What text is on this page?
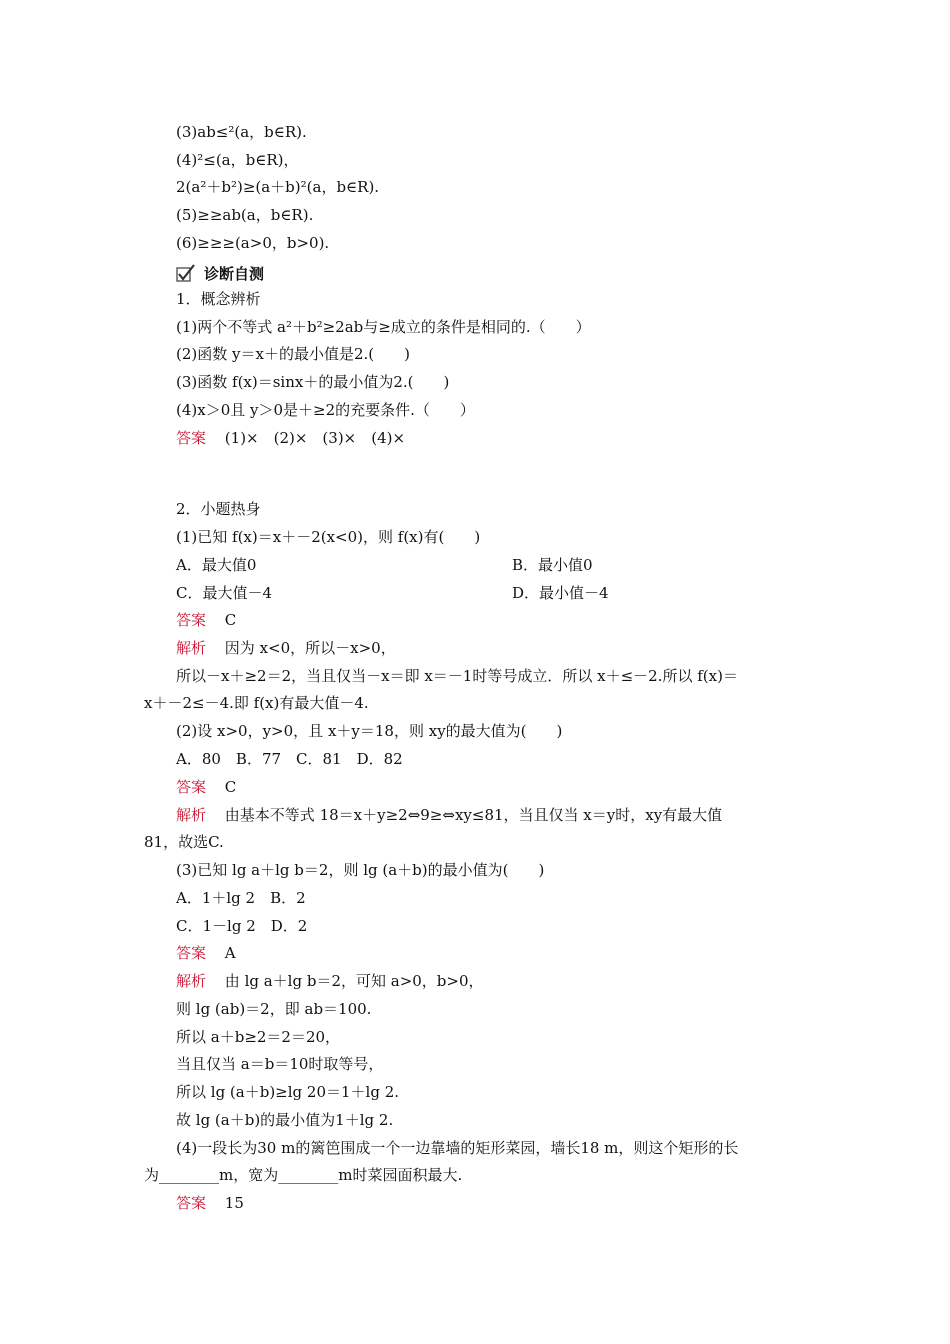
(3)ab≤²(a，b∈R).
(4)²≤(a，b∈R)，
2(a²＋b²)≥(a＋b)²(a，b∈R).
(5)≥≥ab(a，b∈R).
(6)≥≥≥(a>0，b>0).
诊断自测
1．概念辨析
(1)两个不等式 a²＋b²≥2ab与≥成立的条件是相同的.（　　）
(2)函数 y＝x＋的最小值是2.(　　)
(3)函数 f(x)＝sinx＋的最小值为2.(　　)
(4)x＞0且 y＞0是＋≥2的充要条件.（　　）
答案 (1)×　(2)×　(3)×　(4)×
2．小题热身
(1)已知 f(x)＝x＋－2(x<0)，则 f(x)有(　　)
A．最大值0	B．最小值0
C．最大值－4	D．最小值－4
答案 C
解析 因为 x<0，所以－x>0，
所以－x＋≥2＝2，当且仅当－x＝即 x＝－1时等号成立．所以 x＋≤－2.所以 f(x)＝
x＋－2≤－4.即 f(x)有最大值－4.
(2)设 x>0，y>0，且 x＋y＝18，则 xy的最大值为(　　)
A．80　B．77　C．81　D．82
答案 C
解析 由基本不等式 18＝x＋y≥2⇔9≥⇔xy≤81，当且仅当 x＝y时，xy有最大值
81，故选C.
(3)已知 lg a＋lg b＝2，则 lg (a＋b)的最小值为(　　)
A．1＋lg 2　B．2
C．1－lg 2　D．2
答案 A
解析 由 lg a＋lg b＝2，可知 a>0，b>0，
则 lg (ab)＝2，即 ab＝100.
所以 a＋b≥2＝2＝20，
当且仅当 a＝b＝10时取等号，
所以 lg (a＋b)≥lg 20＝1＋lg 2.
故 lg (a＋b)的最小值为1＋lg 2.
(4)一段长为30 m的篱笆围成一个一边靠墙的矩形菜园，墙长18 m，则这个矩形的长
为________m，宽为________m时菜园面积最大.
答案 15
